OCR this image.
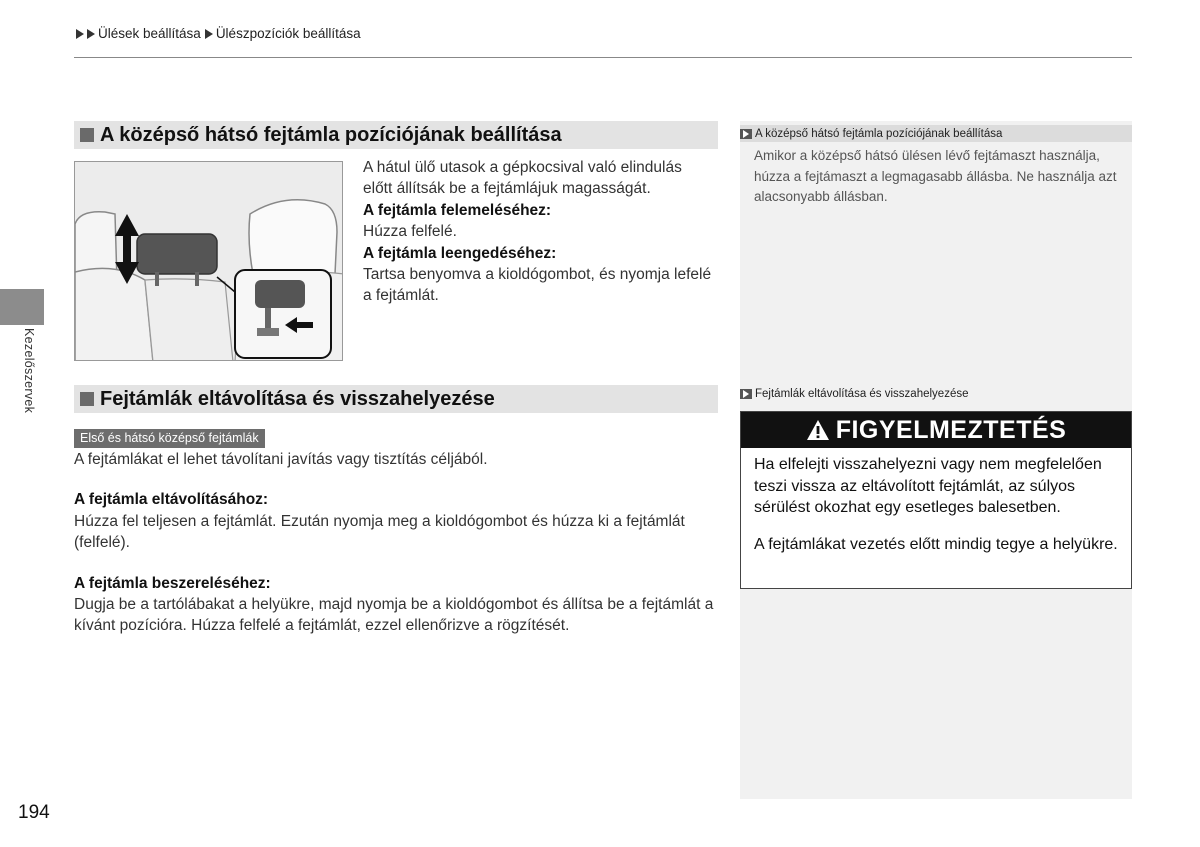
Ülések beállítása Ülészpozíciók beállítása
Kezelőszervek
194
A középső hátsó fejtámla pozíciójának beállítása
A hátul ülő utasok a gépkocsival való elindulás előtt állítsák be a fejtámlájuk magasságát.
A fejtámla felemeléséhez:
Húzza felfelé.
A fejtámla leengedéséhez:
Tartsa benyomva a kioldógombot, és nyomja lefelé a fejtámlát.
Fejtámlák eltávolítása és visszahelyezése
Első és hátsó középső fejtámlák
A fejtámlákat el lehet távolítani javítás vagy tisztítás céljából.
A fejtámla eltávolításához:
Húzza fel teljesen a fejtámlát. Ezután nyomja meg a kioldógombot és húzza ki a fejtámlát (felfelé).
A fejtámla beszereléséhez:
Dugja be a tartólábakat a helyükre, majd nyomja be a kioldógombot és állítsa be a fejtámlát a kívánt pozícióra. Húzza felfelé a fejtámlát, ezzel ellenőrizve a rögzítését.
A középső hátsó fejtámla pozíciójának beállítása
Amikor a középső hátsó ülésen lévő fejtámaszt használja, húzza a fejtámaszt a legmagasabb állásba. Ne használja azt alacsonyabb állásban.
Fejtámlák eltávolítása és visszahelyezése
FIGYELMEZTETÉS

Ha elfelejti visszahelyezni vagy nem megfelelően teszi vissza az eltávolított fejtámlát, az súlyos sérülést okozhat egy esetleges balesetben.

A fejtámlákat vezetés előtt mindig tegye a helyükre.
